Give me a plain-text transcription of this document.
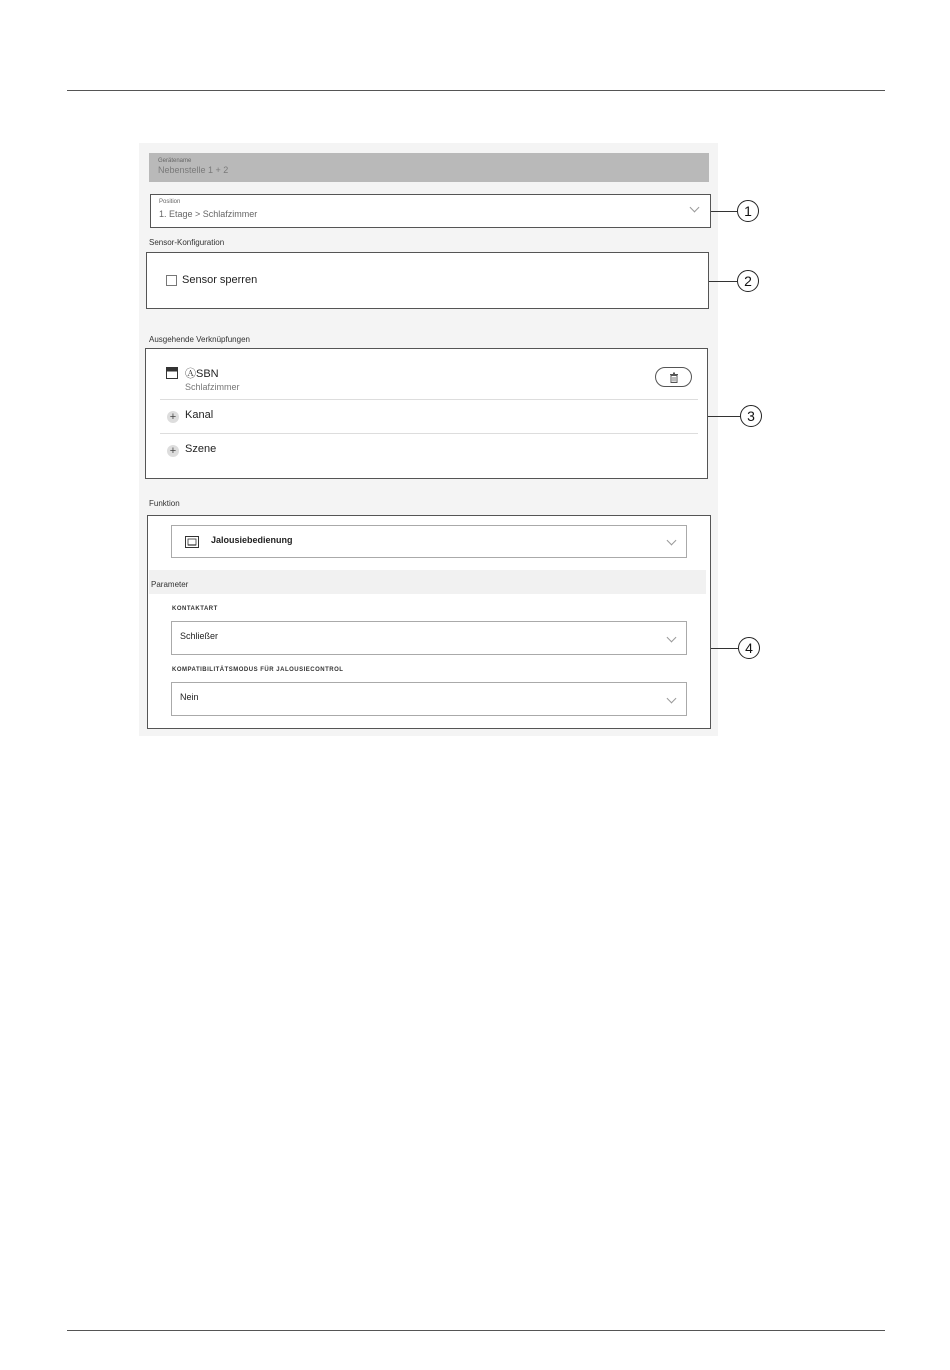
Gerätename
Nebenstelle 1 + 2
Position
1. Etage > Schlafzimmer
Sensor-Konfiguration
Sensor sperren
Ausgehende Verknüpfungen
ⒶSBN
Schlafzimmer
+ Kanal
+ Szene
Funktion
Jalousiebedienung
Parameter
KONTAKTART
Schließer
KOMPATIBILITÄTSMODUS FÜR JALOUSIECONTROL
Nein
1
2
3
4
